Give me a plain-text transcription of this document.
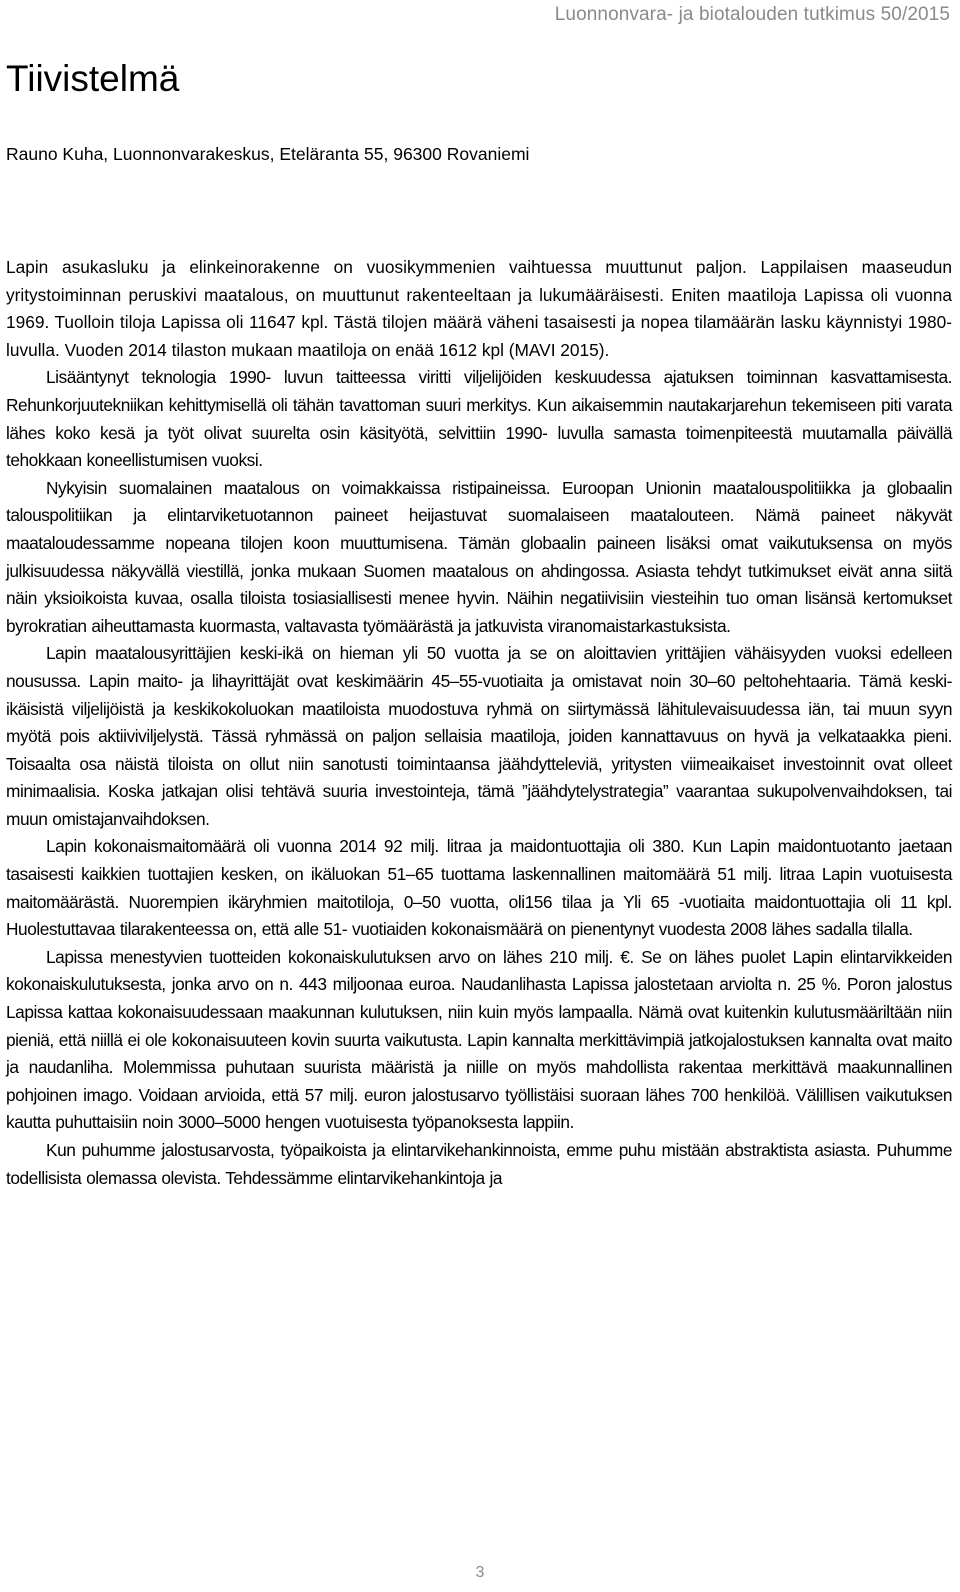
Luonnonvara- ja biotalouden tutkimus 50/2015
Tiivistelmä
Rauno Kuha, Luonnonvarakeskus, Eteläranta 55, 96300 Rovaniemi

Lapin asukasluku ja elinkeinorakenne on vuosikymmenien vaihtuessa muuttunut paljon. Lappilaisen maaseudun yritystoiminnan peruskivi maatalous, on muuttunut rakenteeltaan ja lukumääräisesti. Eniten maatiloja Lapissa oli vuonna 1969. Tuolloin tiloja Lapissa oli 11647 kpl. Tästä tilojen määrä väheni tasaisesti ja nopea tilamäärän lasku käynnistyi 1980- luvulla. Vuoden 2014 tilaston mukaan maatiloja on enää 1612 kpl (MAVI 2015).

Lisääntynyt teknologia 1990- luvun taitteessa viritti viljelijöiden keskuudessa ajatuksen toiminnan kasvattamisesta. Rehunkorjuutekniikan kehittymisellä oli tähän tavattoman suuri merkitys. Kun aikaisemmin nautakarjarehun tekemiseen piti varata lähes koko kesä ja työt olivat suurelta osin käsityötä, selvittiin 1990- luvulla samasta toimenpiteestä muutamalla päivällä tehokkaan koneellistumisen vuoksi.

Nykyisin suomalainen maatalous on voimakkaissa ristipaineissa. Euroopan Unionin maatalouspolitiikka ja globaalin talouspolitiikan ja elintarviketuotannon paineet heijastuvat suomalaiseen maatalouteen. Nämä paineet näkyvät maataloudessamme nopeana tilojen koon muuttumisena. Tämän globaalin paineen lisäksi omat vaikutuksensa on myös julkisuudessa näkyvällä viestillä, jonka mukaan Suomen maatalous on ahdingossa. Asiasta tehdyt tutkimukset eivät anna siitä näin yksioikoista kuvaa, osalla tiloista tosiasiallisesti menee hyvin. Näihin negatiivisiin viesteihin tuo oman lisänsä kertomukset byrokratian aiheuttamasta kuormasta, valtavasta työmäärästä ja jatkuvista viranomaistarkastuksista.

Lapin maatalousyrittäjien keski-ikä on hieman yli 50 vuotta ja se on aloittavien yrittäjien vähäisyyden vuoksi edelleen nousussa. Lapin maito- ja lihayrittäjät ovat keskimäärin 45–55-vuotiaita ja omistavat noin 30–60 peltohehtaaria. Tämä keski-ikäisistä viljelijöistä ja keskikokoluokan maatiloista muodostuva ryhmä on siirtymässä lähitulevaisuudessa iän, tai muun syyn myötä pois aktiiviviljelystä. Tässä ryhmässä on paljon sellaisia maatiloja, joiden kannattavuus on hyvä ja velkataakka pieni. Toisaalta osa näistä tiloista on ollut niin sanotusti toimintaansa jäähdytteleviä, yritysten viimeaikaiset investoinnit ovat olleet minimaalisia. Koska jatkajan olisi tehtävä suuria investointeja, tämä ”jäähdytelystrategia” vaarantaa sukupolvenvaihdoksen, tai muun omistajanvaihdoksen.

Lapin kokonaismaitomäärä oli vuonna 2014 92 milj. litraa ja maidontuottajia oli 380. Kun Lapin maidontuotanto jaetaan tasaisesti kaikkien tuottajien kesken, on ikäluokan 51–65 tuottama laskennallinen maitomäärä 51 milj. litraa Lapin vuotuisesta maitomäärästä. Nuorempien ikäryhmien maitotiloja, 0–50 vuotta, oli156 tilaa ja Yli 65 -vuotiaita maidontuottajia oli 11 kpl. Huolestuttavaa tilarakenteessa on, että alle 51- vuotiaiden kokonaismäärä on pienentynyt vuodesta 2008 lähes sadalla tilalla.

Lapissa menestyvien tuotteiden kokonaiskulutuksen arvo on lähes 210 milj. €. Se on lähes puolet Lapin elintarvikkeiden kokonaiskulutuksesta, jonka arvo on n. 443 miljoonaa euroa. Naudanlihasta Lapissa jalostetaan arviolta n. 25 %. Poron jalostus Lapissa kattaa kokonaisuudessaan maakunnan kulutuksen, niin kuin myös lampaalla. Nämä ovat kuitenkin kulutusmääriltään niin pieniä, että niillä ei ole kokonaisuuteen kovin suurta vaikutusta. Lapin kannalta merkittävimpiä jatkojalostuksen kannalta ovat maito ja naudanliha. Molemmissa puhutaan suurista määristä ja niille on myös mahdollista rakentaa merkittävä maakunnallinen pohjoinen imago. Voidaan arvioida, että 57 milj. euron jalostusarvo työllistäisi suoraan lähes 700 henkilöä. Välillisen vaikutuksen kautta puhuttaisiin noin 3000–5000 hengen vuotuisesta työpanoksesta lappiin.

Kun puhumme jalostusarvosta, työpaikoista ja elintarvikehankinnoista, emme puhu mistään abstraktista asiasta. Puhumme todellisista olemassa olevista. Tehdessämme elintarvikehankintoja ja

3
